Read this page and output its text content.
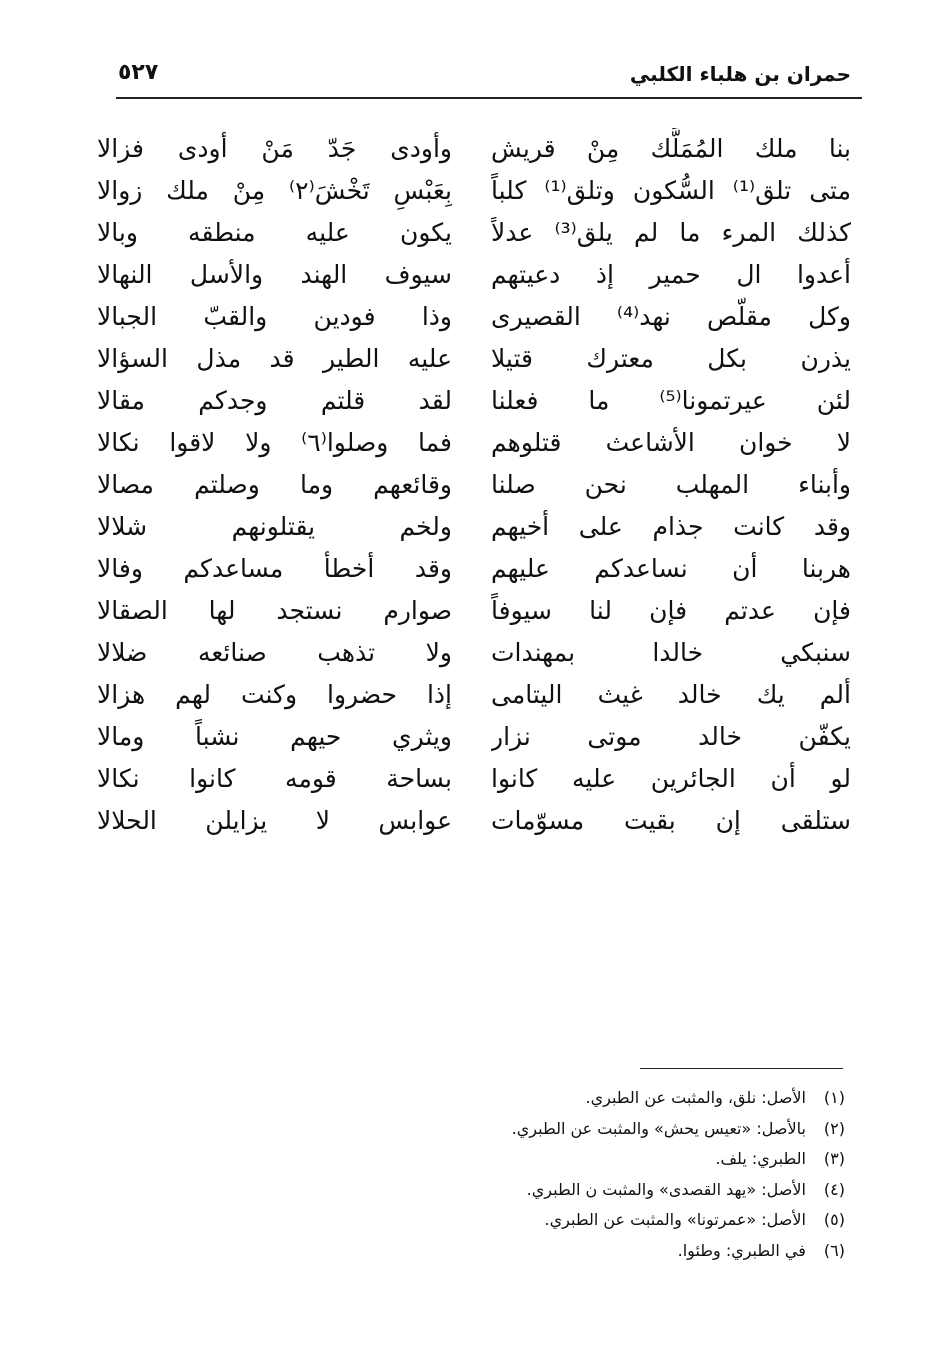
حمران بن هلباء الكلبي
٥٢٧
بنا ملك المُمَلَّك مِنْ قريش
متى تلق⁽¹⁾ السُّكون وتلق⁽¹⁾ كلباً
كذلك المرء ما لم يلق⁽³⁾ عدلاً
أعدوا ال حمير إذ دعيتهم
وكل مقلّص نهد⁽⁴⁾ القصيرى
يذرن بكل معترك قتيلا
لئن عيرتمونا⁽⁵⁾ ما فعلنا
لا خوان الأشاعث قتلوهم
وأبناء المهلب نحن صلنا
وقد كانت جذام على أخيهم
هربنا أن نساعدكم عليهم
فإن عدتم فإن لنا سيوفاً
سنبكي خالدا بمهندات
ألم يك خالد غيث اليتامى
يكفّن خالد موتى نزار
لو أن الجائرين عليه كانوا
ستلقى إن بقيت مسوّمات
وأودى جَدّ مَنْ أودى فزالا
بِعَبْسِ تَخْشَ⁽٢⁾ مِنْ ملك زوالا
يكون عليه منطقه وبالا
سيوف الهند والأسل النهالا
وذا فودين والقبّ الجبالا
عليه الطير قد مذل السؤالا
لقد قلتم وجدكم مقالا
فما وصلوا⁽٦⁾ ولا لاقوا نكالا
وقائعهم وما وصلتم مصالا
ولخم يقتلونهم شلالا
وقد أخطأ مساعدكم وفالا
صوارم نستجد لها الصقالا
ولا تذهب صنائعه ضلالا
إذا حضروا وكنت لهم هزالا
ويثري حيهم نشباً ومالا
بساحة قومه كانوا نكالا
عوابس لا يزايلن الحلالا
(١)الأصل: نلق، والمثبت عن الطبري.
(٢)بالأصل: «تعيس يحش» والمثبت عن الطبري.
(٣)الطبري: يلف.
(٤)الأصل: «يهد القصدى» والمثبت ن الطبري.
(٥)الأصل: «عمرتونا» والمثبت عن الطبري.
(٦)في الطبري: وطئوا.
